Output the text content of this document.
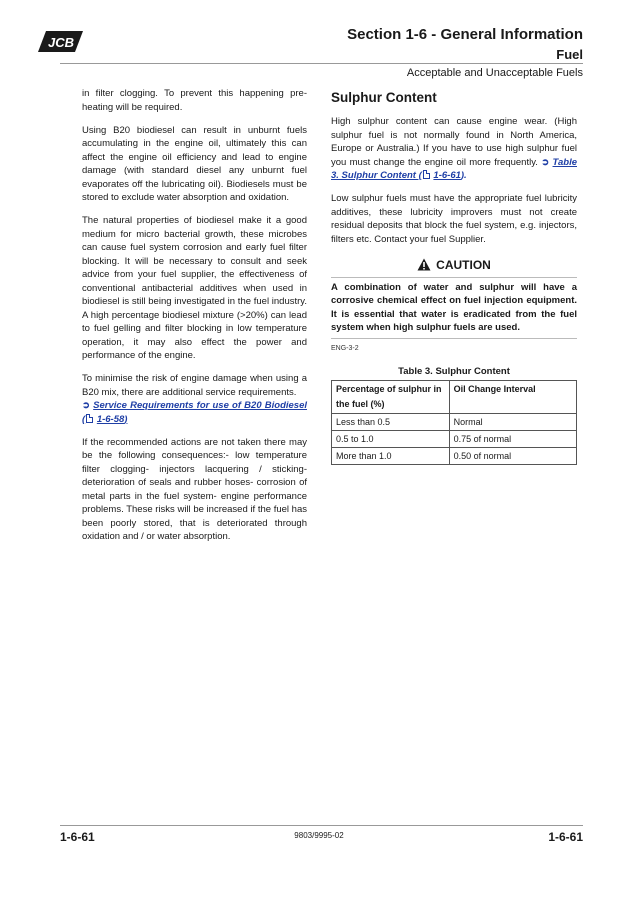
JCB	Section 1-6 - General Information
Fuel
Acceptable and Unacceptable Fuels

in filter clogging. To prevent this happening pre-heating will be required.

Using B20 biodiesel can result in unburnt fuels accumulating in the engine oil, ultimately this can affect the engine oil efficiency and lead to engine damage (with standard diesel any unburnt fuel evaporates off the lubricating oil). Biodiesels must be stored to exclude water absorption and oxidation.

The natural properties of biodiesel make it a good medium for micro bacterial growth, these microbes can cause fuel system corrosion and early fuel filter blocking. It will be necessary to consult and seek advice from your fuel supplier, the effectiveness of conventional antibacterial additives when used in biodiesel is still being investigated in the fuel industry. A high percentage biodiesel mixture (>20%) can lead to fuel gelling and filter blocking in low temperature operation, it may also effect the power and performance of the engine.

To minimise the risk of engine damage when using a B20 mix, there are additional service requirements.

➲ Service Requirements for use of B20 Biodiesel ( 1-6-58)

If the recommended actions are not taken there may be the following consequences:- low temperature filter clogging- injectors lacquering / sticking-deterioration of seals and rubber hoses- corrosion of metal parts in the fuel system- engine performance problems. These risks will be increased if the fuel has been poorly stored, that is deteriorated through oxidation and / or water absorption.

Sulphur Content

High sulphur content can cause engine wear. (High sulphur fuel is not normally found in North America, Europe or Australia.) If you have to use high sulphur fuel you must change the engine oil more frequently. ➲ Table 3. Sulphur Content ( 1-6-61).

Low sulphur fuels must have the appropriate fuel lubricity additives, these lubricity improvers must not create residual deposits that block the fuel system, e.g. injectors, filters etc. Contact your fuel Supplier.

CAUTION

A combination of water and sulphur will have a corrosive chemical effect on fuel injection equipment. It is essential that water is eradicated from the fuel system when high sulphur fuels are used.

ENG-3-2

Table 3. Sulphur Content

Percentage of sulphur in the fuel (%)	Oil Change Interval
Less than 0.5	Normal
0.5 to 1.0	0.75 of normal
More than 1.0	0.50 of normal
1-6-61	9803/9995-02	1-6-61
